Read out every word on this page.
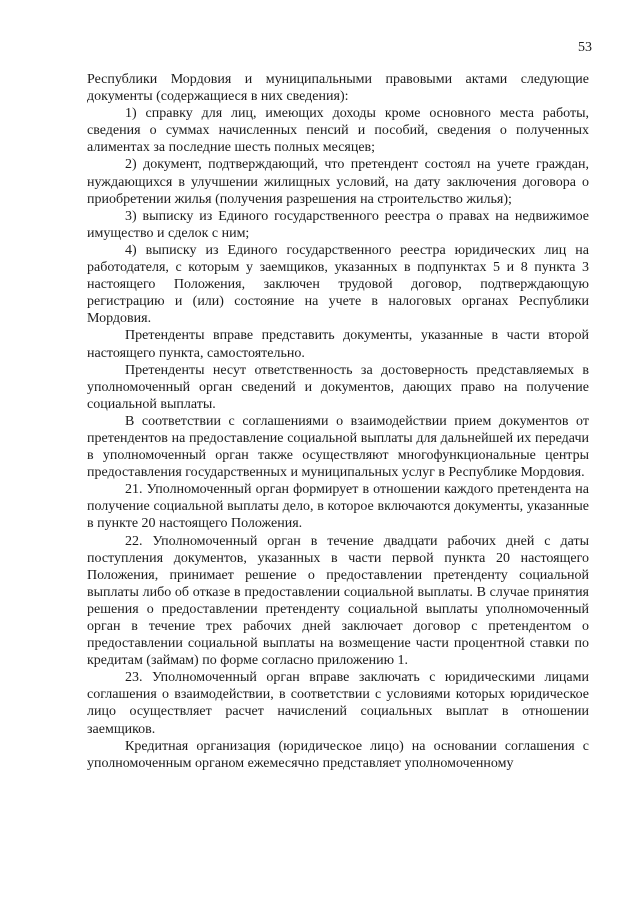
53

Республики Мордовия и муниципальными правовыми актами следующие документы (содержащиеся в них сведения):

1) справку для лиц, имеющих доходы кроме основного места работы, сведения о суммах начисленных пенсий и пособий, сведения о полученных алиментах за последние шесть полных месяцев;

2) документ, подтверждающий, что претендент состоял на учете граждан, нуждающихся в улучшении жилищных условий, на дату заключения договора о приобретении жилья (получения разрешения на строительство жилья);

3) выписку из Единого государственного реестра о правах на недвижимое имущество и сделок с ним;

4) выписку из Единого государственного реестра юридических лиц на работодателя, с которым у заемщиков, указанных в подпунктах 5 и 8 пункта 3 настоящего Положения, заключен трудовой договор, подтверждающую регистрацию и (или) состояние на учете в налоговых органах Республики Мордовия.

Претенденты вправе представить документы, указанные в части второй настоящего пункта, самостоятельно.

Претенденты несут ответственность за достоверность представляемых в уполномоченный орган сведений и документов, дающих право на получение социальной выплаты.

В соответствии с соглашениями о взаимодействии прием документов от претендентов на предоставление социальной выплаты для дальнейшей их передачи в уполномоченный орган также осуществляют многофункциональные центры предоставления государственных и муниципальных услуг в Республике Мордовия.

21. Уполномоченный орган формирует в отношении каждого претендента на получение социальной выплаты дело, в которое включаются документы, указанные в пункте 20 настоящего Положения.

22. Уполномоченный орган в течение двадцати рабочих дней с даты поступления документов, указанных в части первой пункта 20 настоящего Положения, принимает решение о предоставлении претенденту социальной выплаты либо об отказе в предоставлении социальной выплаты. В случае принятия решения о предоставлении претенденту социальной выплаты уполномоченный орган в течение трех рабочих дней заключает договор с претендентом о предоставлении социальной выплаты на возмещение части процентной ставки по кредитам (займам) по форме согласно приложению 1.

23. Уполномоченный орган вправе заключать с юридическими лицами соглашения о взаимодействии, в соответствии с условиями которых юридическое лицо осуществляет расчет начислений социальных выплат в отношении заемщиков.

Кредитная организация (юридическое лицо) на основании соглашения с уполномоченным органом ежемесячно представляет уполномоченному
